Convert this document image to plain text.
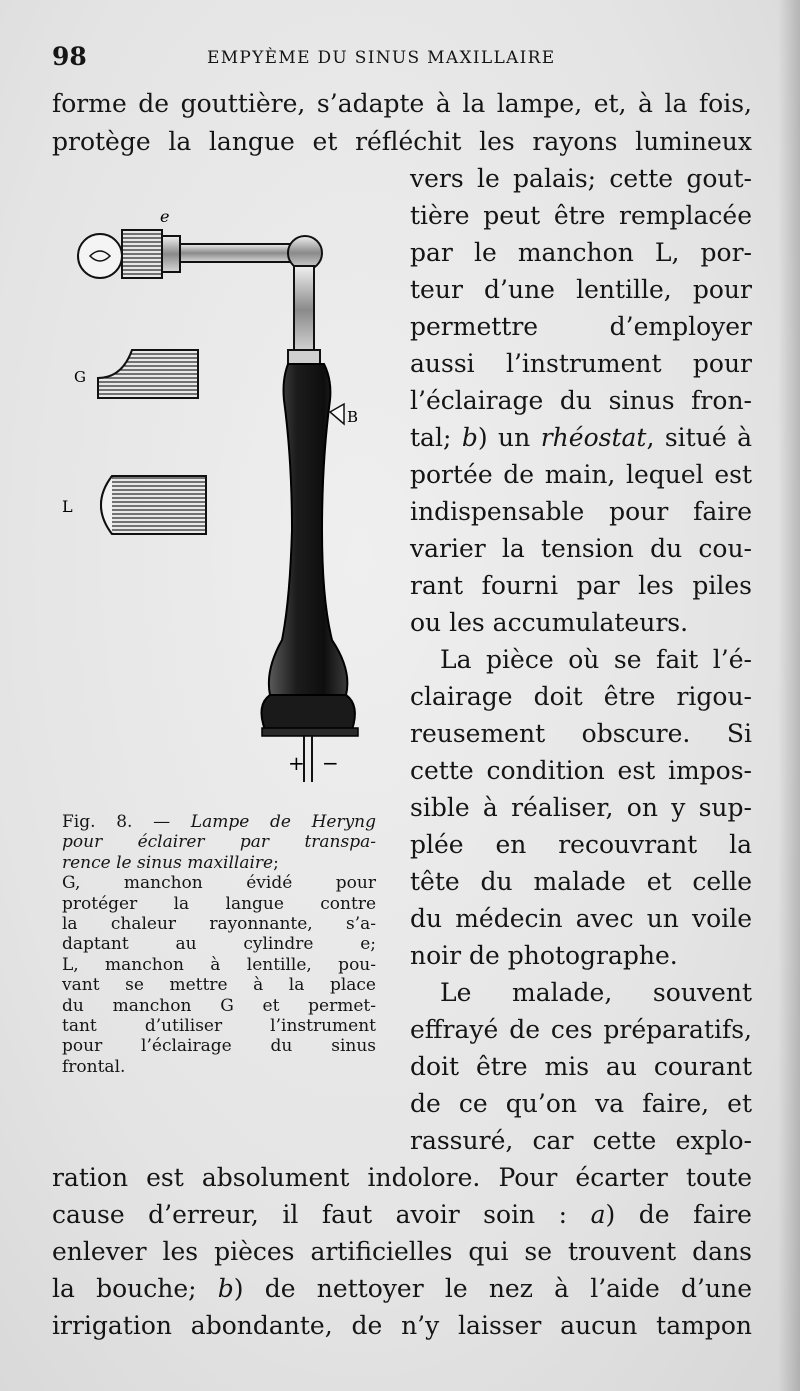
98	EMPYÈME DU SINUS MAXILLAIRE
forme de gouttière, s’adapte à la lampe, et, à la fois,
protège la langue et réfléchit les rayons lumineux
vers le palais; cette gout-
tière peut être remplacée
par le manchon L, por-
teur d’une lentille, pour
permettre d’employer
aussi l’instrument pour
l’éclairage du sinus fron-
tal; b) un rhéostat, situé à
portée de main, lequel est
indispensable pour faire
varier la tension du cou-
rant fourni par les piles
ou les accumulateurs.
La pièce où se fait l’é-
clairage doit être rigou-
reusement obscure. Si
cette condition est impos-
sible à réaliser, on y sup-
plée en recouvrant la
tête du malade et celle
du médecin avec un voile
noir de photographe.
Le malade, souvent
effrayé de ces préparatifs,
doit être mis au courant
de ce qu’on va faire, et
rassuré, car cette explo-
ration est absolument indolore. Pour écarter toute
cause d’erreur, il faut avoir soin : a) de faire
enlever les pièces artificielles qui se trouvent dans
la bouche; b) de nettoyer le nez à l’aide d’une
irrigation abondante, de n’y laisser aucun tampon
e
G
L
B
+ −
Fig. 8. — Lampe de Heryng
pour éclairer par transpa-
rence le sinus maxillaire;
G, manchon évidé pour
protéger la langue contre
la chaleur rayonnante, s’a-
daptant au cylindre e;
L, manchon à lentille, pou-
vant se mettre à la place
du manchon G et permet-
tant d’utiliser l’instrument
pour l’éclairage du sinus
frontal.
